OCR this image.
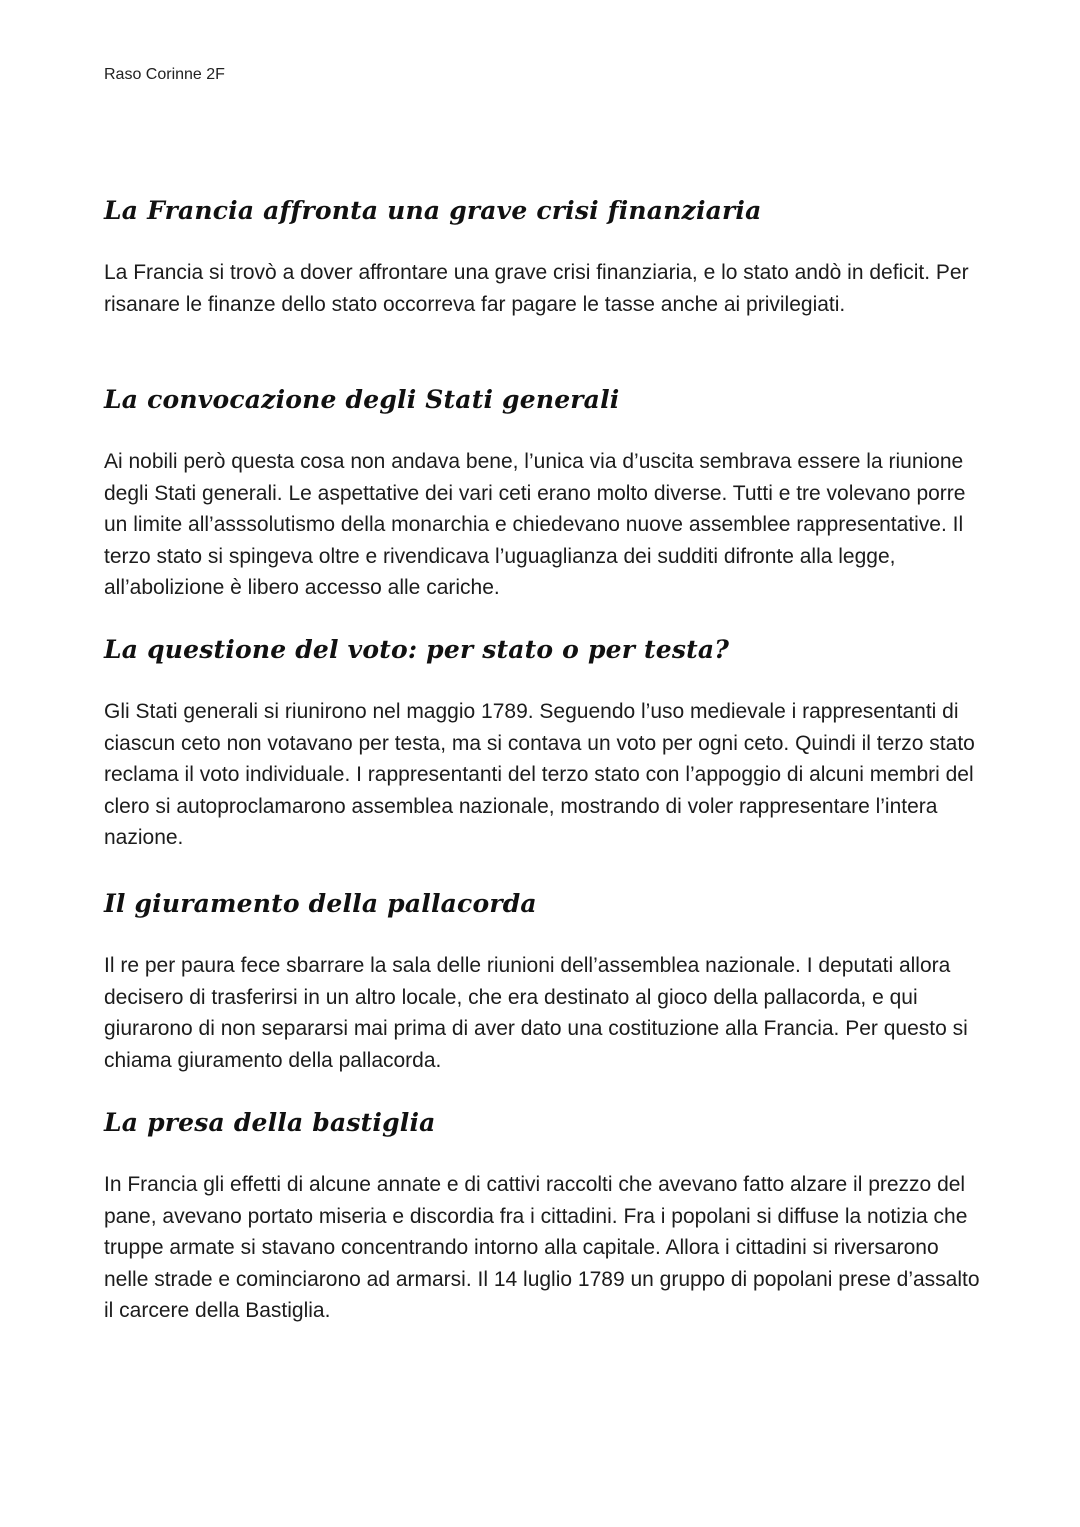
Raso Corinne 2F

La Francia affronta una grave crisi finanziaria

La Francia si trovò a dover affrontare una grave crisi finanziaria, e lo stato andò in deficit. Per risanare le finanze dello stato occorreva far pagare le tasse anche ai privilegiati.

La convocazione degli Stati generali

Ai nobili però questa cosa non andava bene, l’unica via d’uscita sembrava essere la riunione degli Stati generali. Le aspettative dei vari ceti erano molto diverse. Tutti e tre volevano porre un limite all’asssolutismo della monarchia e chiedevano nuove assemblee rappresentative. Il terzo stato si spingeva oltre e rivendicava l’uguaglianza dei sudditi difronte alla legge, all’abolizione è libero accesso alle cariche.

La questione del voto: per stato o per testa?

Gli Stati generali si riunirono nel maggio 1789. Seguendo l’uso medievale i rappresentanti di ciascun ceto non votavano per testa, ma si contava un voto per ogni ceto. Quindi il terzo stato reclama il voto individuale. I rappresentanti del terzo stato con l’appoggio di alcuni membri del clero si autoproclamarono assemblea nazionale, mostrando di voler rappresentare l’intera nazione.

Il giuramento della pallacorda

Il re per paura fece sbarrare la sala delle riunioni dell’assemblea nazionale. I deputati allora decisero di trasferirsi in un altro locale, che era destinato al gioco della pallacorda, e qui giurarono di non separarsi mai prima di aver dato una costituzione alla Francia. Per questo si chiama giuramento della pallacorda.

La presa della bastiglia

In Francia gli effetti di alcune annate e di cattivi raccolti che avevano fatto alzare il prezzo del pane, avevano portato miseria e discordia fra i cittadini. Fra i popolani si diffuse la notizia che truppe armate si stavano concentrando intorno alla capitale. Allora i cittadini si riversarono nelle strade e cominciarono ad armarsi. Il 14 luglio 1789 un gruppo di popolani prese d’assalto il carcere della Bastiglia.
